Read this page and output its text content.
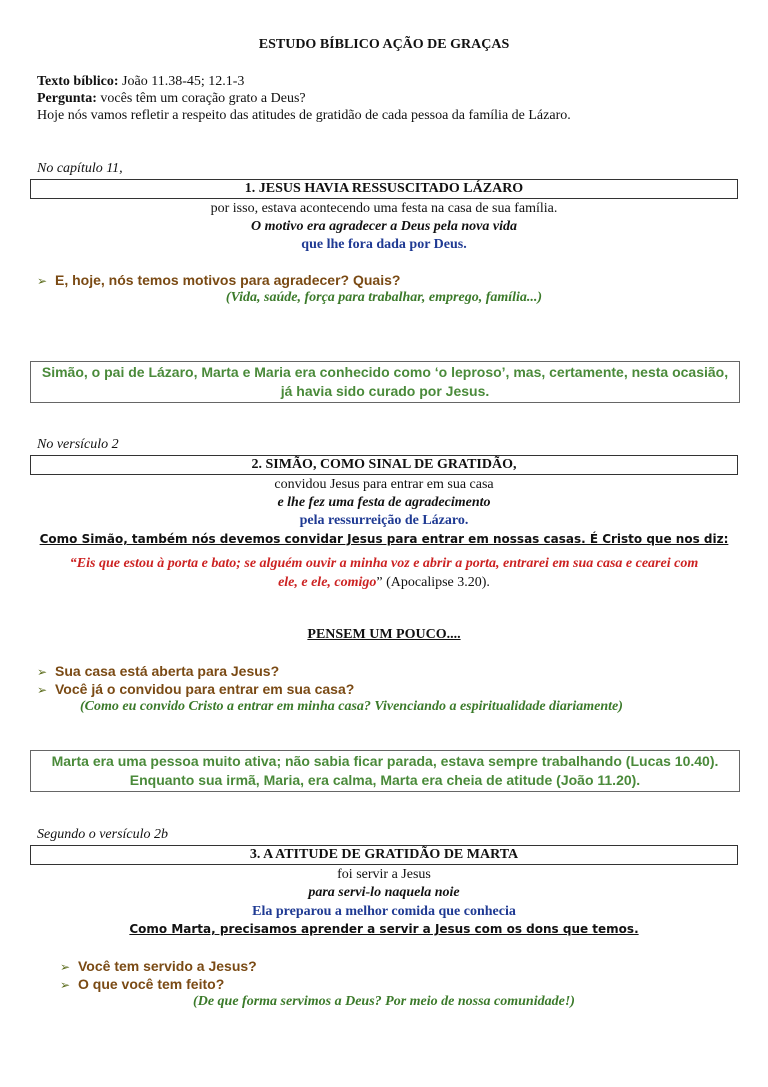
ESTUDO BÍBLICO AÇÃO DE GRAÇAS
Texto bíblico: João 11.38-45; 12.1-3
Pergunta: vocês têm um coração grato a Deus?
Hoje nós vamos refletir a respeito das atitudes de gratidão de cada pessoa da família de Lázaro.
No capítulo 11,
1. JESUS HAVIA RESSUSCITADO LÁZARO
por isso, estava acontecendo uma festa na casa de sua família.
O motivo era agradecer a Deus pela nova vida
que lhe fora dada por Deus.
➢ E, hoje, nós temos motivos para agradecer? Quais?
(Vida, saúde, força para trabalhar, emprego, família...)
Simão, o pai de Lázaro, Marta e Maria era conhecido como ‘o leproso’, mas, certamente, nesta ocasião, já havia sido curado por Jesus.
No versículo 2
2. SIMÃO, COMO SINAL DE GRATIDÃO,
convidou Jesus para entrar em sua casa
e lhe fez uma festa de agradecimento
pela ressurreição de Lázaro.
Como Simão, também nós devemos convidar Jesus para entrar em nossas casas. É Cristo que nos diz:
“Eis que estou à porta e bato; se alguém ouvir a minha voz e abrir a porta, entrarei em sua casa e cearei com
ele, e ele, comigo” (Apocalipse 3.20).
PENSEM UM POUCO....
➢ Sua casa está aberta para Jesus?
➢ Você já o convidou para entrar em sua casa?
(Como eu convido Cristo a entrar em minha casa? Vivenciando a espiritualidade diariamente)
Marta era uma pessoa muito ativa; não sabia ficar parada, estava sempre trabalhando (Lucas 10.40). Enquanto sua irmã, Maria, era calma, Marta era cheia de atitude (João 11.20).
Segundo o versículo 2b
3. A ATITUDE DE GRATIDÃO DE MARTA
foi servir a Jesus
para servi-lo naquela noie
Ela preparou a melhor comida que conhecia
Como Marta, precisamos aprender a servir a Jesus com os dons que temos.
➢ Você tem servido a Jesus?
➢ O que você tem feito?
(De que forma servimos a Deus? Por meio de nossa comunidade!)
